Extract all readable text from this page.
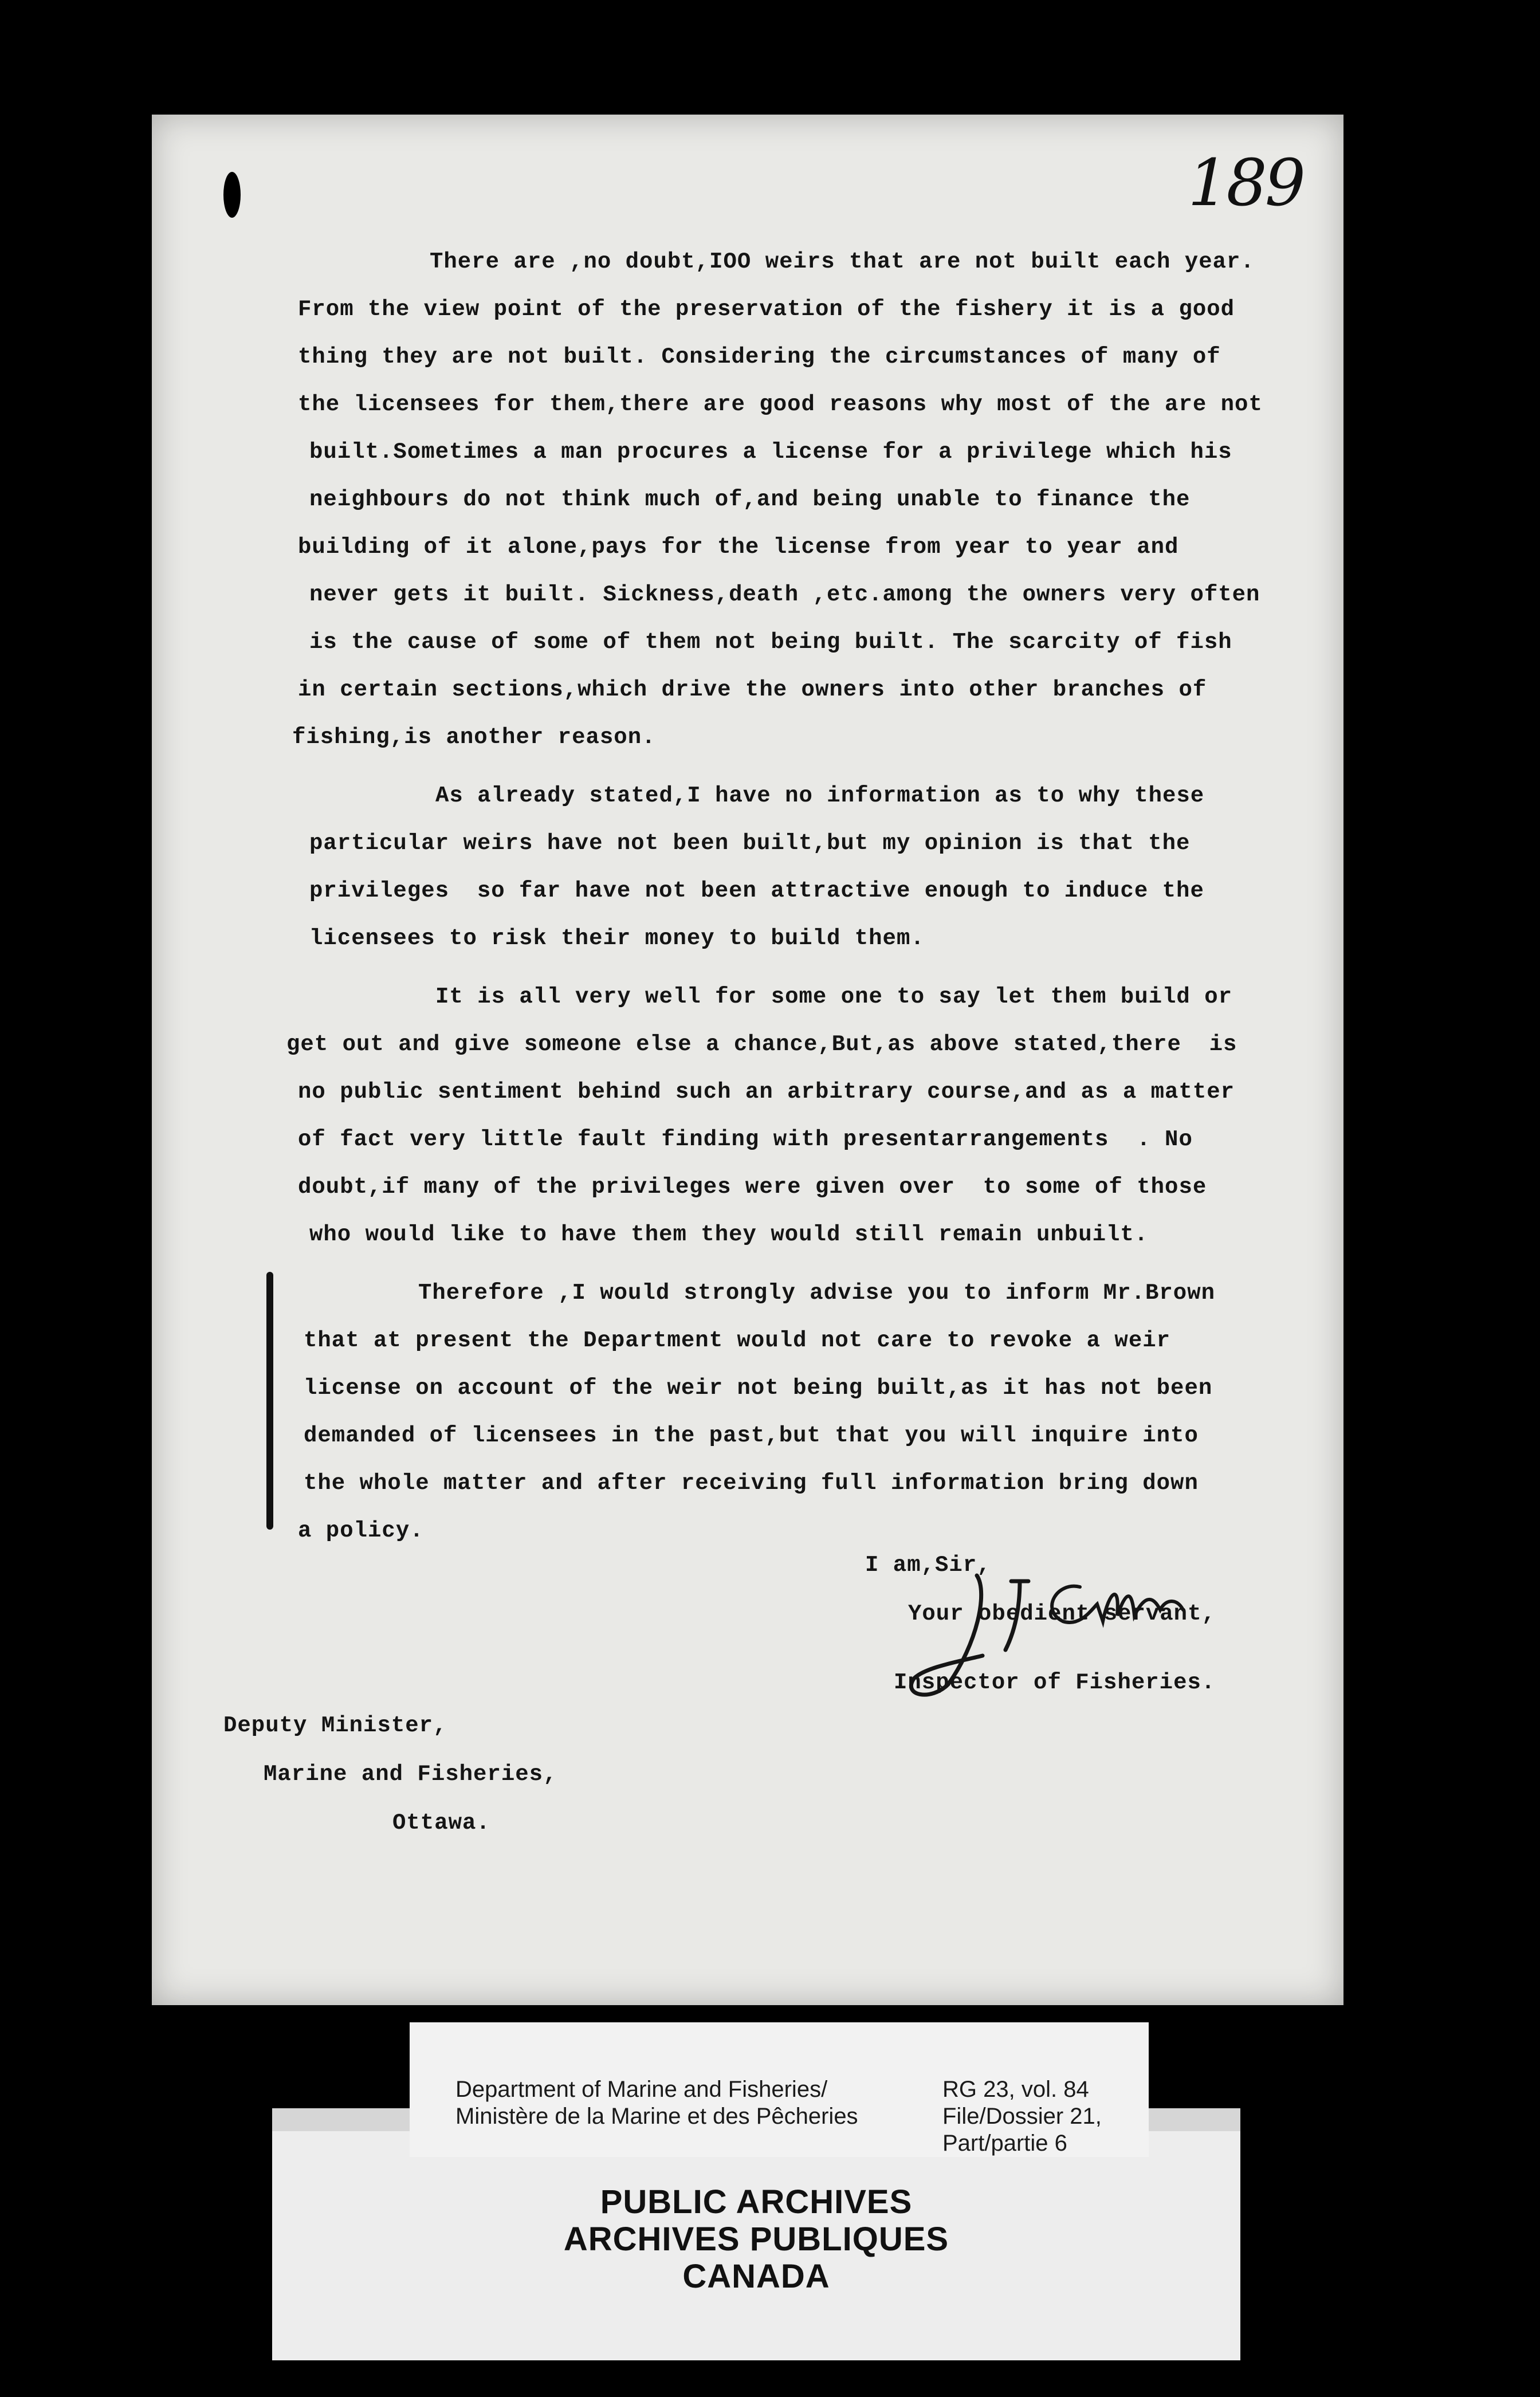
189
There are ,no doubt,IOO weirs that are not built each year.
From the view point of the preservation of the fishery it is a good
thing they are not built. Considering the circumstances of many of
the licensees for them,there are good reasons why most of the are not
built.Sometimes a man procures a license for a privilege which his
neighbours do not think much of,and being unable to finance the
building of it alone,pays for the license from year to year and
never gets it built. Sickness,death ,etc.among the owners very often
is the cause of some of them not being built. The scarcity of fish
in certain sections,which drive the owners into other branches of
fishing,is another reason.
As already stated,I have no information as to why these
particular weirs have not been built,but my opinion is that the
privileges  so far have not been attractive enough to induce the
licensees to risk their money to build them.
It is all very well for some one to say let them build or
get out and give someone else a chance,But,as above stated,there  is
no public sentiment behind such an arbitrary course,and as a matter
of fact very little fault finding with presentarrangements  . No
doubt,if many of the privileges were given over  to some of those
who would like to have them they would still remain unbuilt.
Therefore ,I would strongly advise you to inform Mr.Brown
that at present the Department would not care to revoke a weir
license on account of the weir not being built,as it has not been
demanded of licensees in the past,but that you will inquire into
the whole matter and after receiving full information bring down
a policy.
I am,Sir,
Your obedient servant,
Inspector of Fisheries.
Deputy Minister,
Marine and Fisheries,
Ottawa.
PUBLIC ARCHIVES
ARCHIVES PUBLIQUES
CANADA
Department of Marine and Fisheries/
Ministère de la Marine et des Pêcheries
RG 23, vol. 84
File/Dossier 21,
Part/partie 6
